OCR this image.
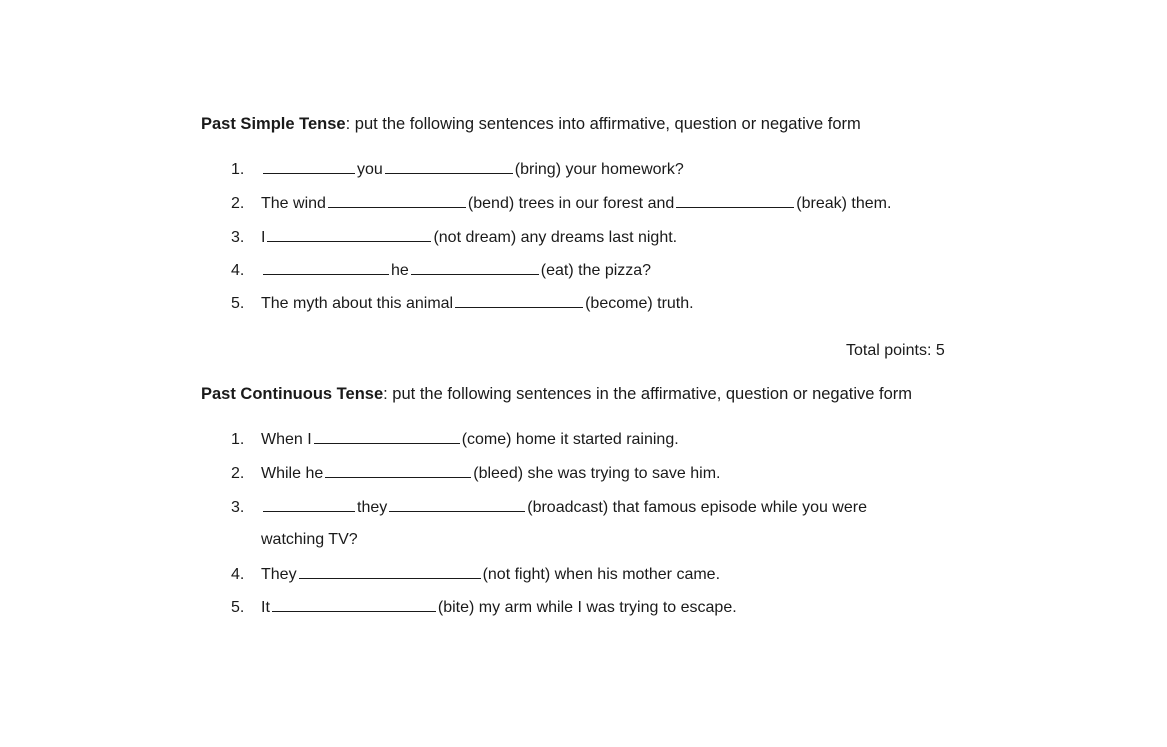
Past Simple Tense: put the following sentences into affirmative, question or negative form
1.	you	(bring) your homework?
2. The wind	(bend) trees in our forest and	(break) them.
3. I	(not dream) any dreams last night.
4.	he	(eat) the pizza?
5. The myth about this animal	(become) truth.
Total points: 5
Past Continuous Tense: put the following sentences in the affirmative, question or negative form
1. When I	(come) home it started raining.
2. While he	(bleed) she was trying to save him.
3.	they	(broadcast) that famous episode while you were
watching TV?
4. They	(not fight) when his mother came.
5. It	(bite) my arm while I was trying to escape.
